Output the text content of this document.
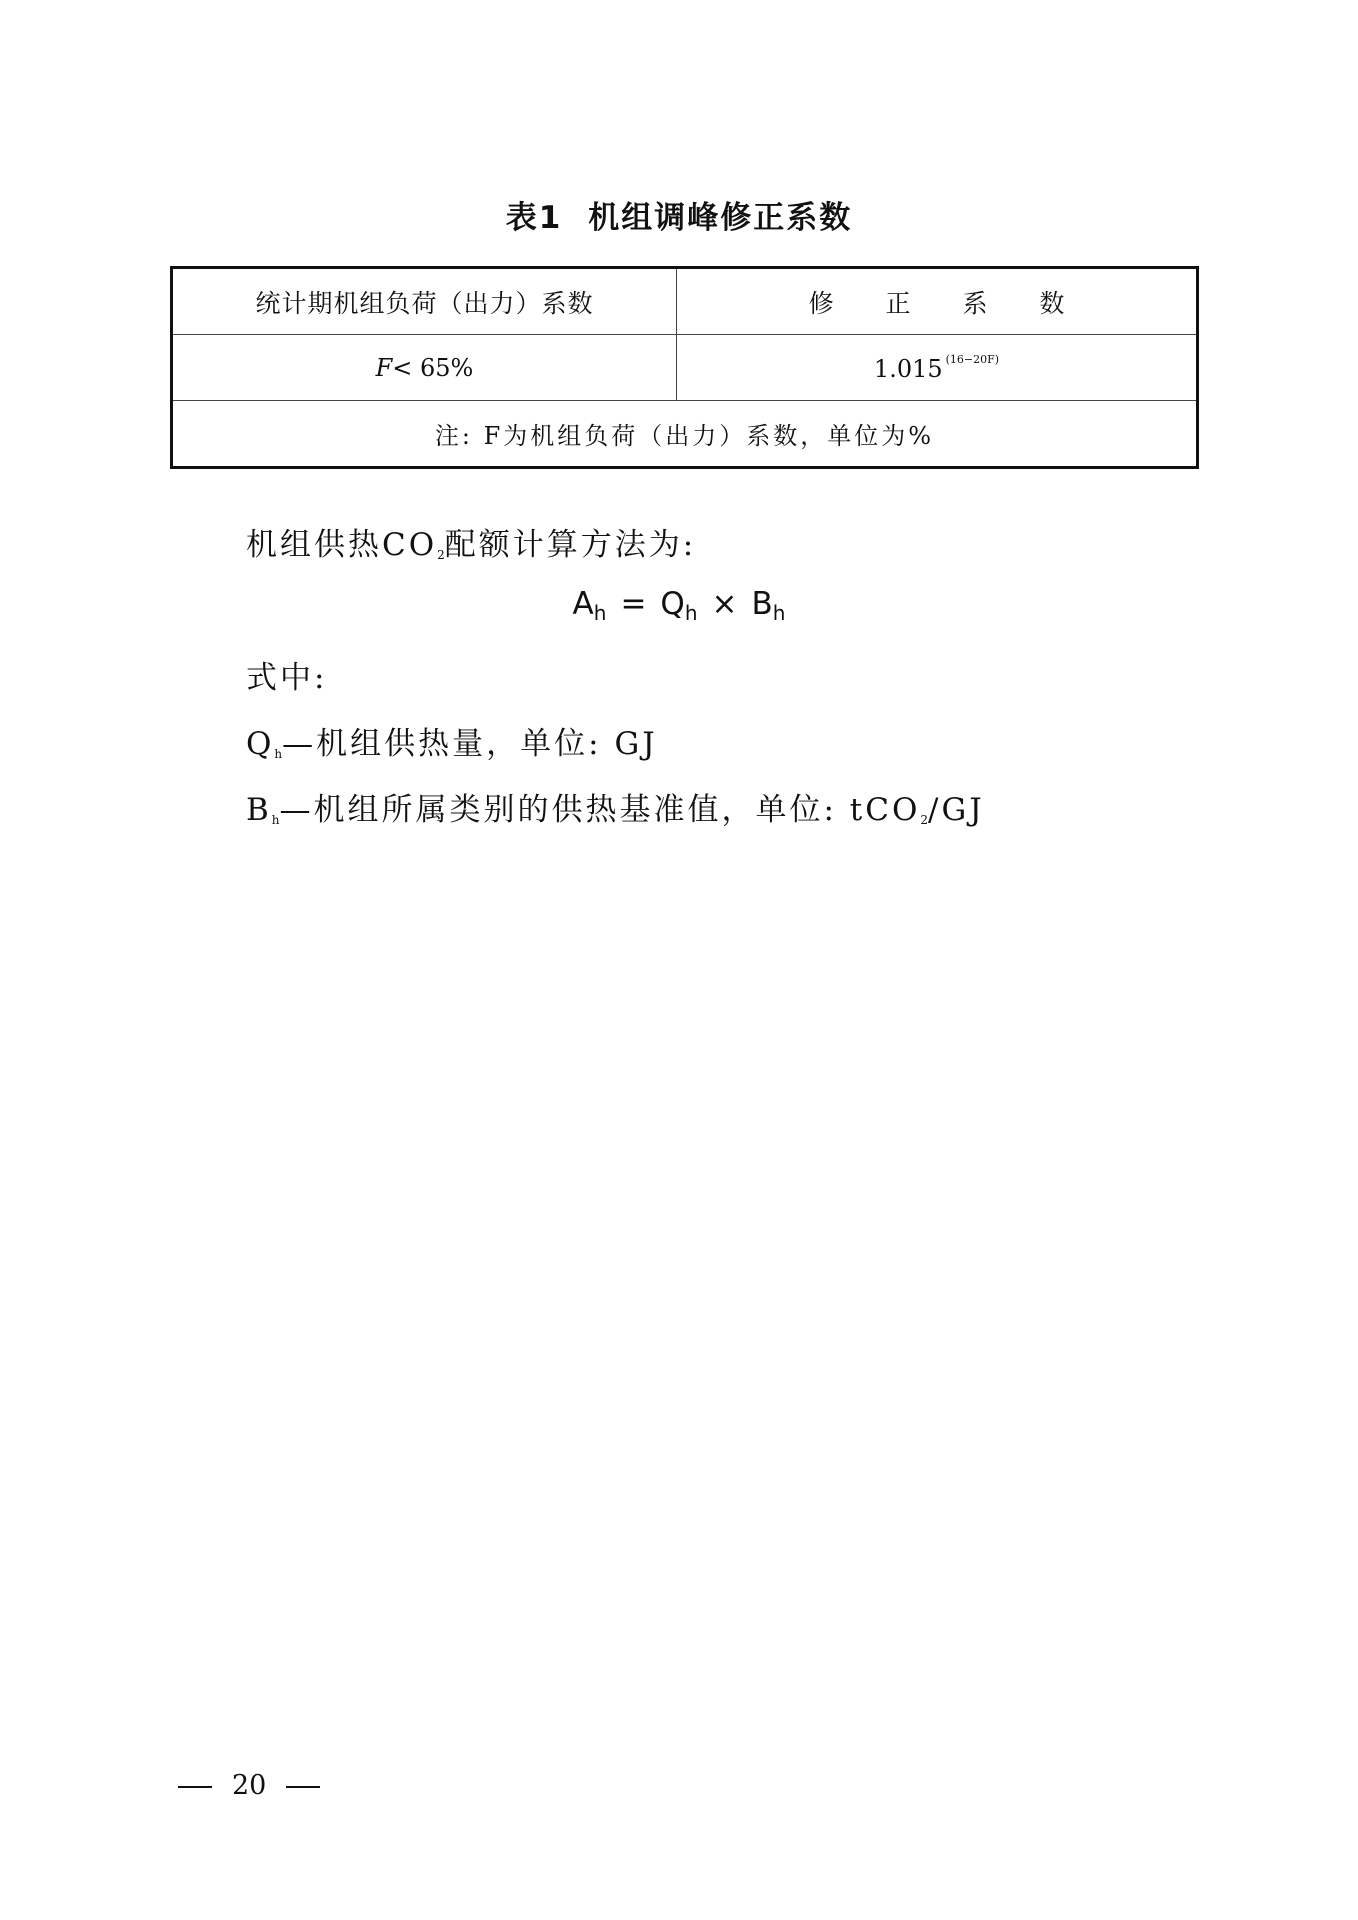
表1 机组调峰修正系数
统计期机组负荷（出力）系数	修 正 系 数
F< 65%	1.015 $^{(16-20F)}$
注: F为机组负荷（出力）系数，单位为%	
机组供热$CO_2$配额计算方法为:
$A_h = Q_h \times B_h$
式中:
$Q_h—$机组供热量，单位: GJ
$B_h—$机组所属类别的供热基准值，单位: tCO$_2$/GJ
20
